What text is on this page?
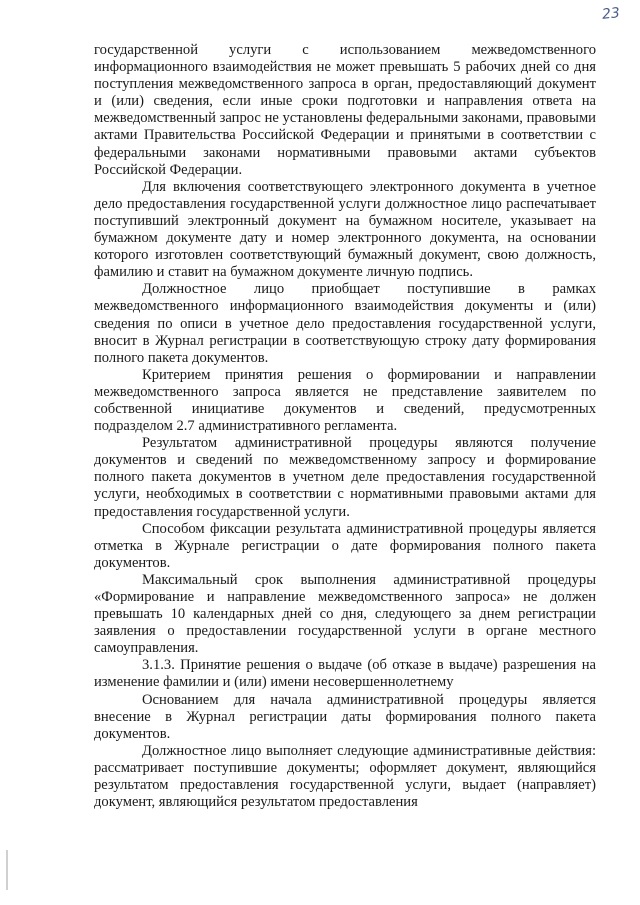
23

государственной услуги с использованием межведомственного информационного взаимодействия не может превышать 5 рабочих дней со дня поступления межведомственного запроса в орган, предоставляющий документ и (или) сведения, если иные сроки подготовки и направления ответа на межведомственный запрос не установлены федеральными законами, правовыми актами Правительства Российской Федерации и принятыми в соответствии с федеральными законами нормативными правовыми актами субъектов Российской Федерации.

Для включения соответствующего электронного документа в учетное дело предоставления государственной услуги должностное лицо распечатывает поступивший электронный документ на бумажном носителе, указывает на бумажном документе дату и номер электронного документа, на основании которого изготовлен соответствующий бумажный документ, свою должность, фамилию и ставит на бумажном документе личную подпись.

Должностное лицо приобщает поступившие в рамках межведомственного информационного взаимодействия документы и (или) сведения по описи в учетное дело предоставления государственной услуги, вносит в Журнал регистрации в соответствующую строку дату формирования полного пакета документов.

Критерием принятия решения о формировании и направлении межведомственного запроса является не представление заявителем по собственной инициативе документов и сведений, предусмотренных подразделом 2.7 административного регламента.

Результатом административной процедуры являются получение документов и сведений по межведомственному запросу и формирование полного пакета документов в учетном деле предоставления государственной услуги, необходимых в соответствии с нормативными правовыми актами для предоставления государственной услуги.

Способом фиксации результата административной процедуры является отметка в Журнале регистрации о дате формирования полного пакета документов.

Максимальный срок выполнения административной процедуры «Формирование и направление межведомственного запроса» не должен превышать 10 календарных дней со дня, следующего за днем регистрации заявления о предоставлении государственной услуги в органе местного самоуправления.

3.1.3. Принятие решения о выдаче (об отказе в выдаче) разрешения на изменение фамилии и (или) имени несовершеннолетнему

Основанием для начала административной процедуры является внесение в Журнал регистрации даты формирования полного пакета документов.

Должностное лицо выполняет следующие административные действия: рассматривает поступившие документы; оформляет документ, являющийся результатом предоставления государственной услуги, выдает (направляет) документ, являющийся результатом предоставления
